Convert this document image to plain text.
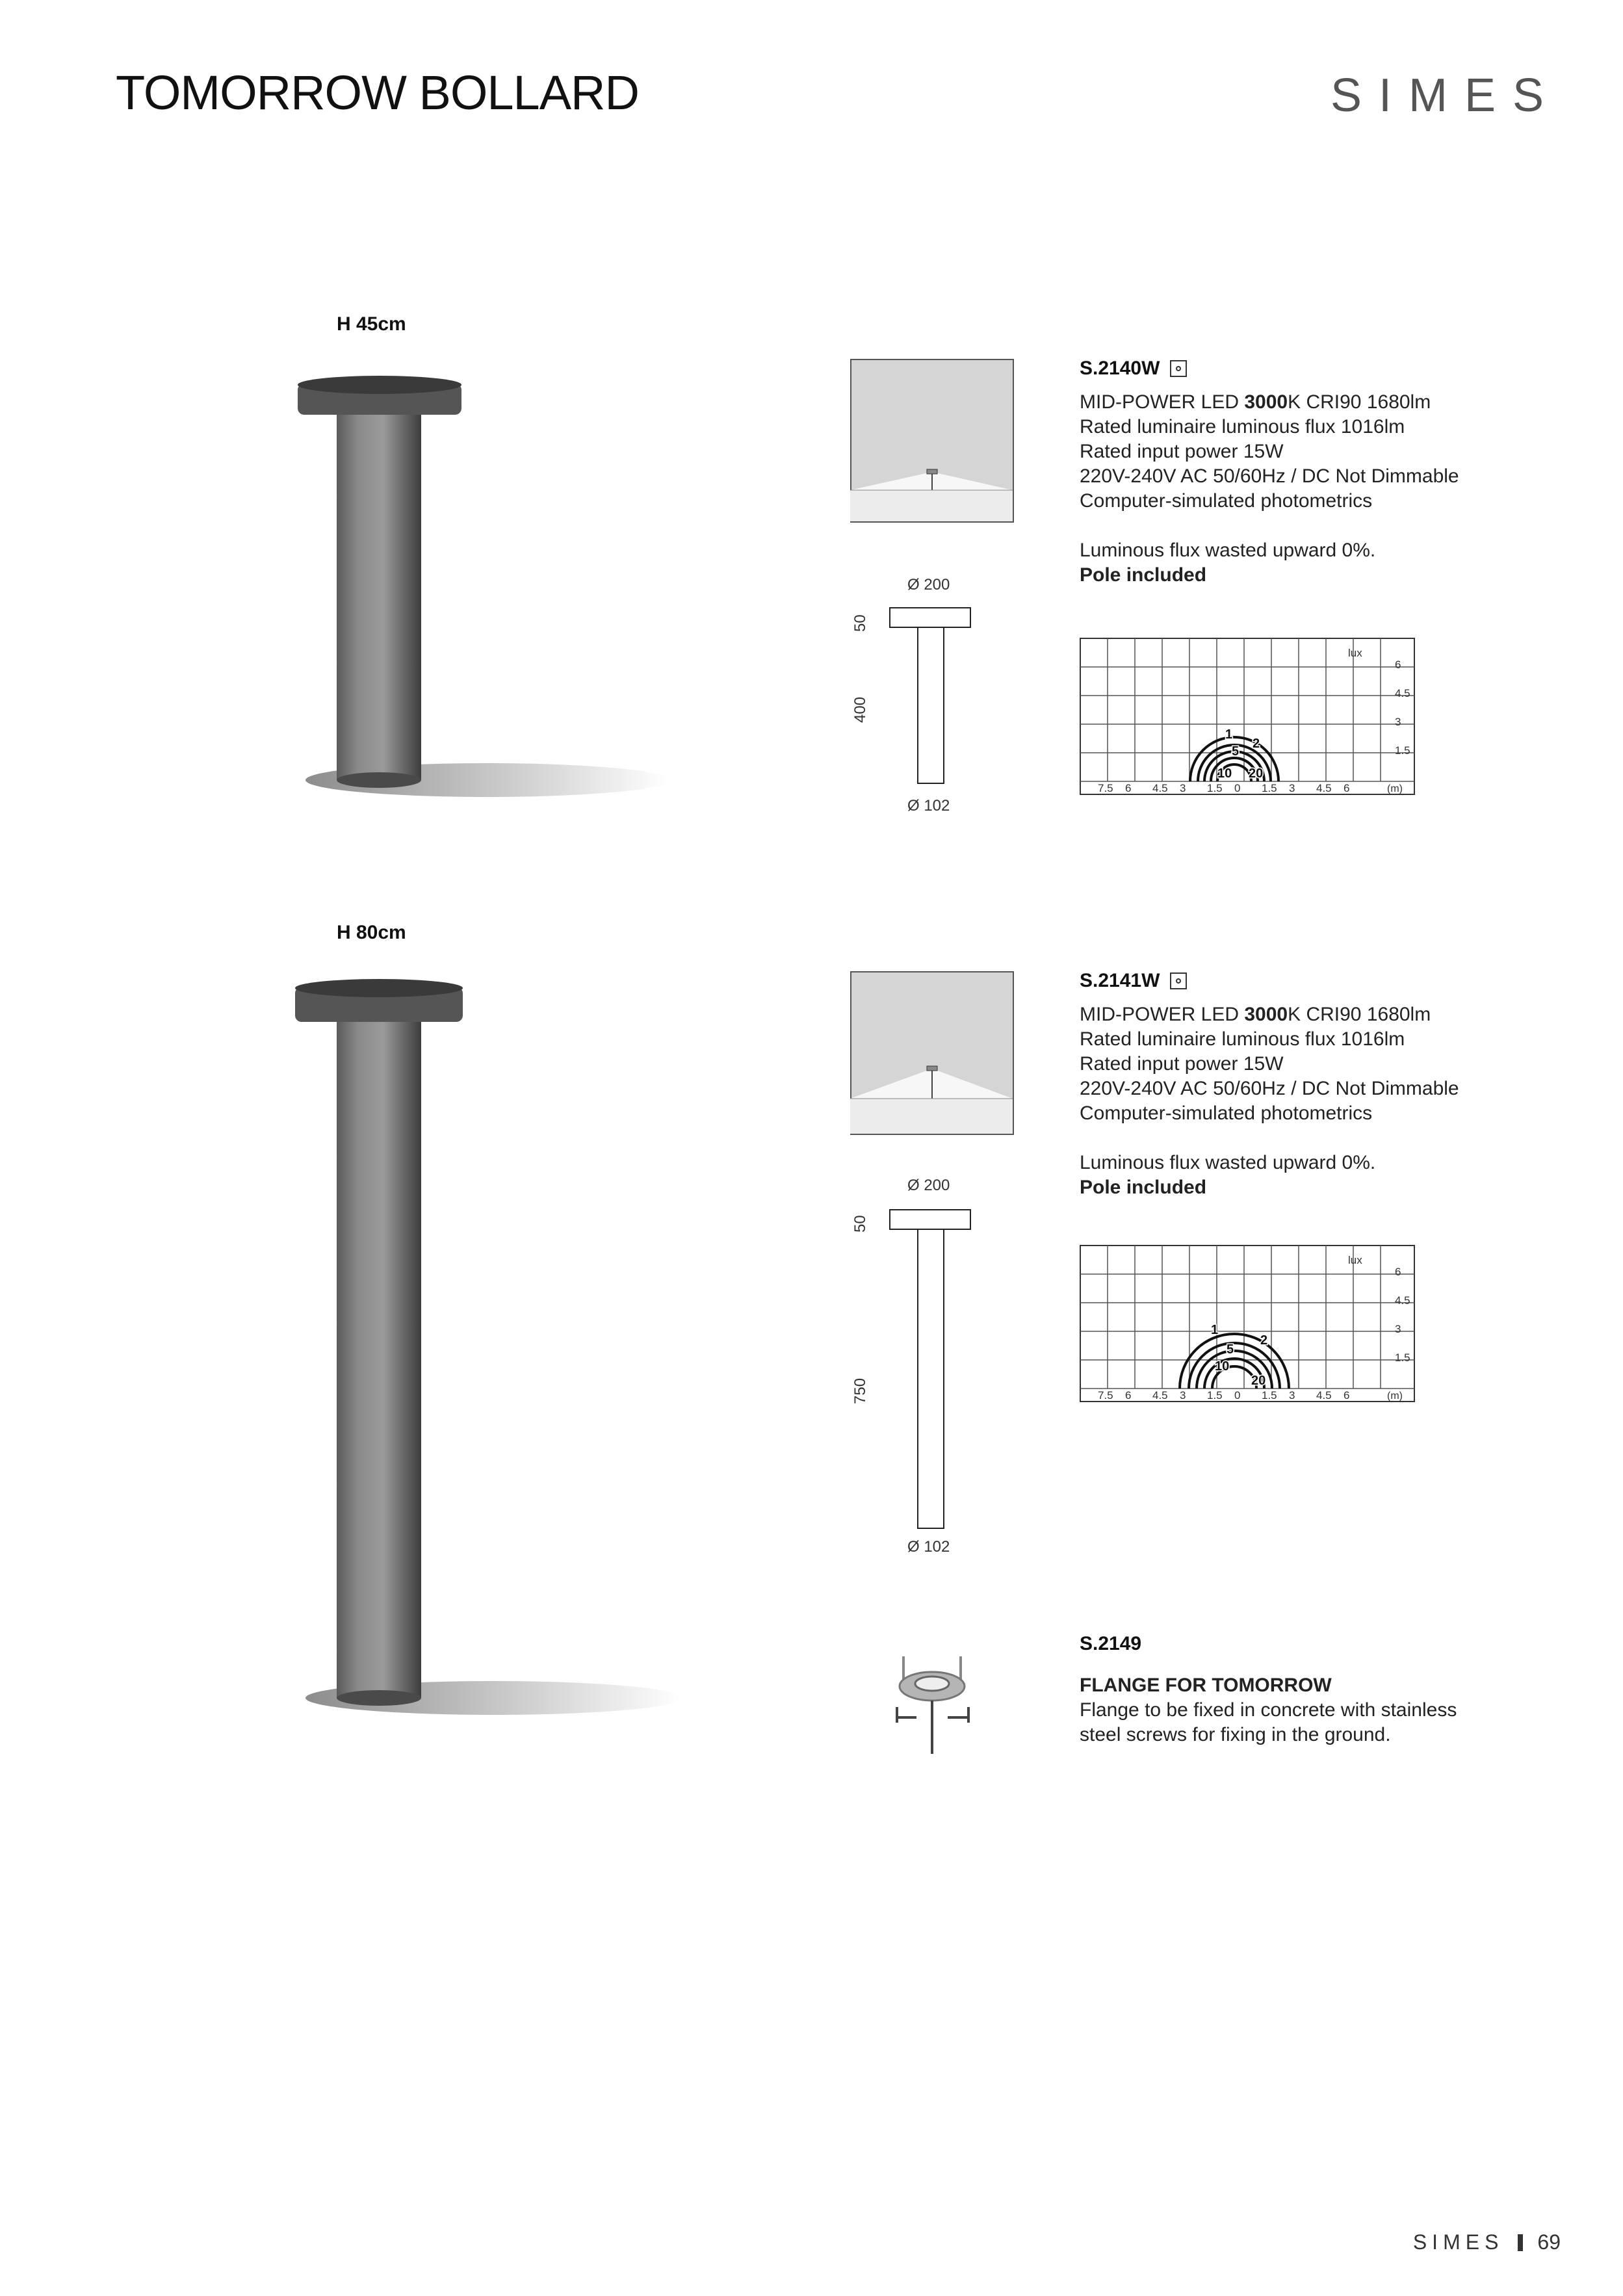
TOMORROW BOLLARD	SIMES
H 45cm
Ø 200
50
400
Ø 102
S.2140W
MID-POWER LED 3000K CRI90 1680lm
Rated luminaire luminous flux 1016lm
Rated input power 15W
220V-240V AC 50/60Hz / DC Not Dimmable
Computer-simulated photometrics
Luminous flux wasted upward 0%.
Pole included
lux
6
4.5
3
1.5
7.5 6 4.5 3 1.5 0 1.5 3 4.5 6	(m)
1
2
5
10 20
H 80cm
Ø 200
50
750
Ø 102
S.2141W
MID-POWER LED 3000K CRI90 1680lm
Rated luminaire luminous flux 1016lm
Rated input power 15W
220V-240V AC 50/60Hz / DC Not Dimmable
Computer-simulated photometrics
Luminous flux wasted upward 0%.
Pole included
lux
6
4.5
3
1.5
7.5 6 4.5 3 1.5 0 1.5 3 4.5 6	(m)
1
2
5
10
20
S.2149
FLANGE FOR TOMORROW
Flange to be fixed in concrete with stainless
steel screws for fixing in the ground.
SIMES 69
